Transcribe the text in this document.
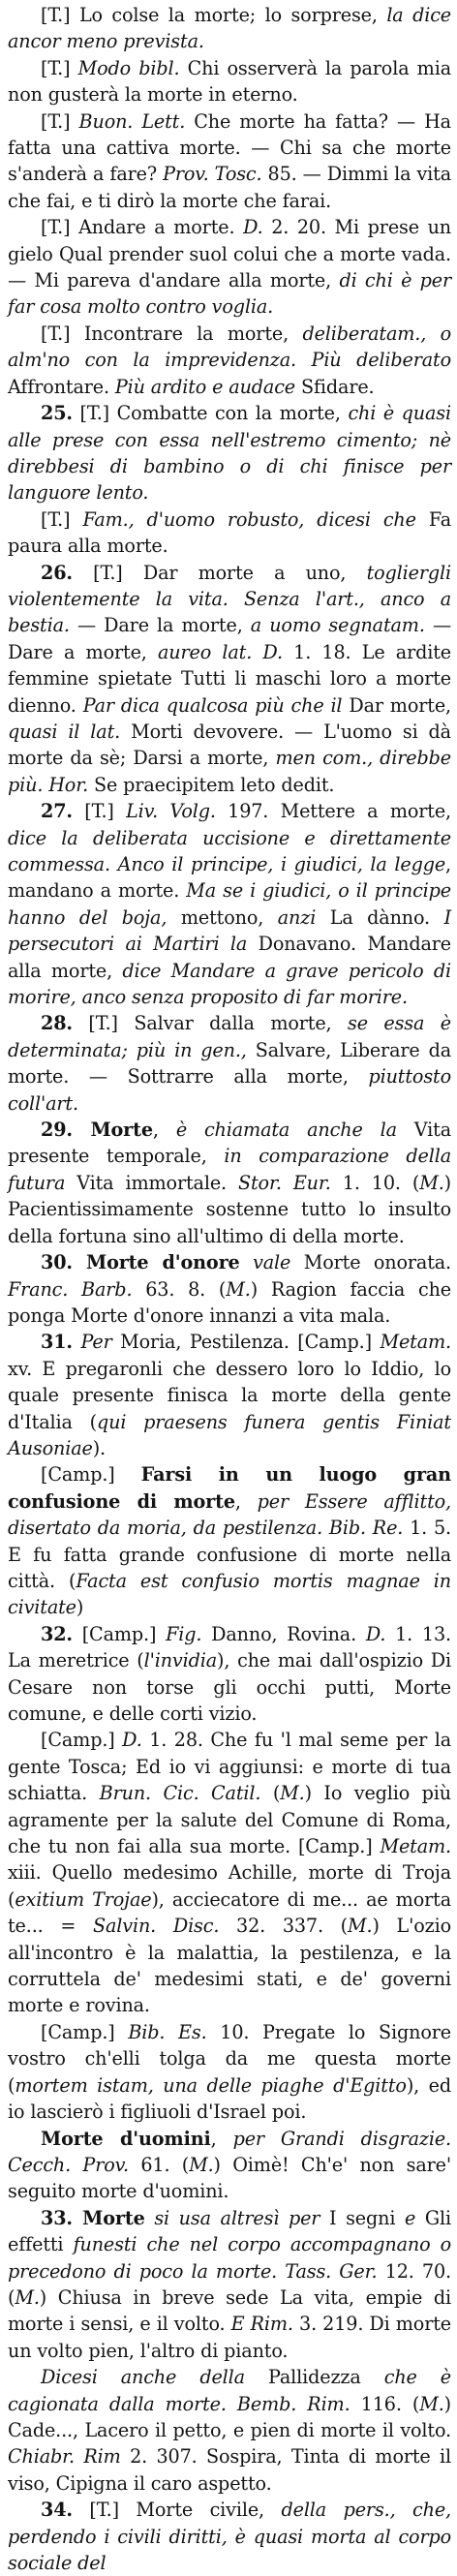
[T.] Lo colse la morte; lo sorprese, la dice ancor meno prevista.

[T.] Modo bibl. Chi osserverà la parola mia non gusterà la morte in eterno.

[T.] Buon. Lett. Che morte ha fatta? — Ha fatta una cattiva morte. — Chi sa che morte s'anderà a fare? Prov. Tosc. 85. — Dimmi la vita che fai, e ti dirò la morte che farai.

[T.] Andare a morte. D. 2. 20. Mi prese un gielo Qual prender suol colui che a morte vada. — Mi pareva d'andare alla morte, di chi è per far cosa molto contro voglia.

[T.] Incontrare la morte, deliberatam., o alm'no con la imprevidenza. Più deliberato Affrontare. Più ardito e audace Sfidare.

25. [T.] Combatte con la morte, chi è quasi alle prese con essa nell'estremo cimento; nè direbbesi di bambino o di chi finisce per languore lento.

[T.] Fam., d'uomo robusto, dicesi che Fa paura alla morte.

26. [T.] Dar morte a uno, togliergli violentemente la vita. Senza l'art., anco a bestia. — Dare la morte, a uomo segnatam. — Dare a morte, aureo lat. D. 1. 18. Le ardite femmine spietate Tutti li maschi loro a morte dienno. Par dica qualcosa più che il Dar morte, quasi il lat. Morti devovere. — L'uomo si dà morte da sè; Darsi a morte, men com., direbbe più. Hor. Se praecipitem leto dedit.

27. [T.] Liv. Volg. 197. Mettere a morte, dice la deliberata uccisione e direttamente commessa. Anco il principe, i giudici, la legge, mandano a morte. Ma se i giudici, o il principe hanno del boja, mettono, anzi La dànno. I persecutori ai Martiri la Donavano. Mandare alla morte, dice Mandare a grave pericolo di morire, anco senza proposito di far morire.

28. [T.] Salvar dalla morte, se essa è determinata; più in gen., Salvare, Liberare da morte. — Sottrarre alla morte, piuttosto coll'art.

29. Morte, è chiamata anche la Vita presente temporale, in comparazione della futura Vita immortale. Stor. Eur. 1. 10. (M.) Pacientissimamente sostenne tutto lo insulto della fortuna sino all'ultimo di della morte.

30. Morte d'onore vale Morte onorata. Franc. Barb. 63. 8. (M.) Ragion faccia che ponga Morte d'onore innanzi a vita mala.

31. Per Moria, Pestilenza. [Camp.] Metam. xv. E pregaronli che dessero loro lo Iddio, lo quale presente finisca la morte della gente d'Italia (qui praesens funera gentis Finiat Ausoniae).

[Camp.] Farsi in un luogo gran confusione di morte, per Essere afflitto, disertato da moria, da pestilenza. Bib. Re. 1. 5. E fu fatta grande confusione di morte nella città. (Facta est confusio mortis magnae in civitate)

32. [Camp.] Fig. Danno, Rovina. D. 1. 13. La meretrice (l'invidia), che mai dall'ospizio Di Cesare non torse gli occhi putti, Morte comune, e delle corti vizio.

[Camp.] D. 1. 28. Che fu 'l mal seme per la gente Tosca; Ed io vi aggiunsi: e morte di tua schiatta. Brun. Cic. Catil. (M.) Io veglio più agramente per la salute del Comune di Roma, che tu non fai alla sua morte. [Camp.] Metam. xiii. Quello medesimo Achille, morte di Troja (exitium Trojae), acciecatore di me... ae morta te... = Salvin. Disc. 32. 337. (M.) L'ozio all'incontro è la malattia, la pestilenza, e la corruttela de' medesimi stati, e de' governi morte e rovina.

[Camp.] Bib. Es. 10. Pregate lo Signore vostro ch'elli tolga da me questa morte (mortem istam, una delle piaghe d'Egitto), ed io lascierò i figliuoli d'Israel poi.

Morte d'uomini, per Grandi disgrazie. Cecch. Prov. 61. (M.) Oimè! Ch'e' non sare' seguito morte d'uomini.

33. Morte si usa altresì per I segni e Gli effetti funesti che nel corpo accompagnano o precedono di poco la morte. Tass. Ger. 12. 70. (M.) Chiusa in breve sede La vita, empie di morte i sensi, e il volto. E Rim. 3. 219. Di morte un volto pien, l'altro di pianto.

Dicesi anche della Pallidezza che è cagionata dalla morte. Bemb. Rim. 116. (M.) Cade..., Lacero il petto, e pien di morte il volto. Chiabr. Rim 2. 307. Sospira, Tinta di morte il viso, Cipigna il caro aspetto.

34. [T.] Morte civile, della pers., che, perdendo i civili diritti, è quasi morta al corpo sociale del
